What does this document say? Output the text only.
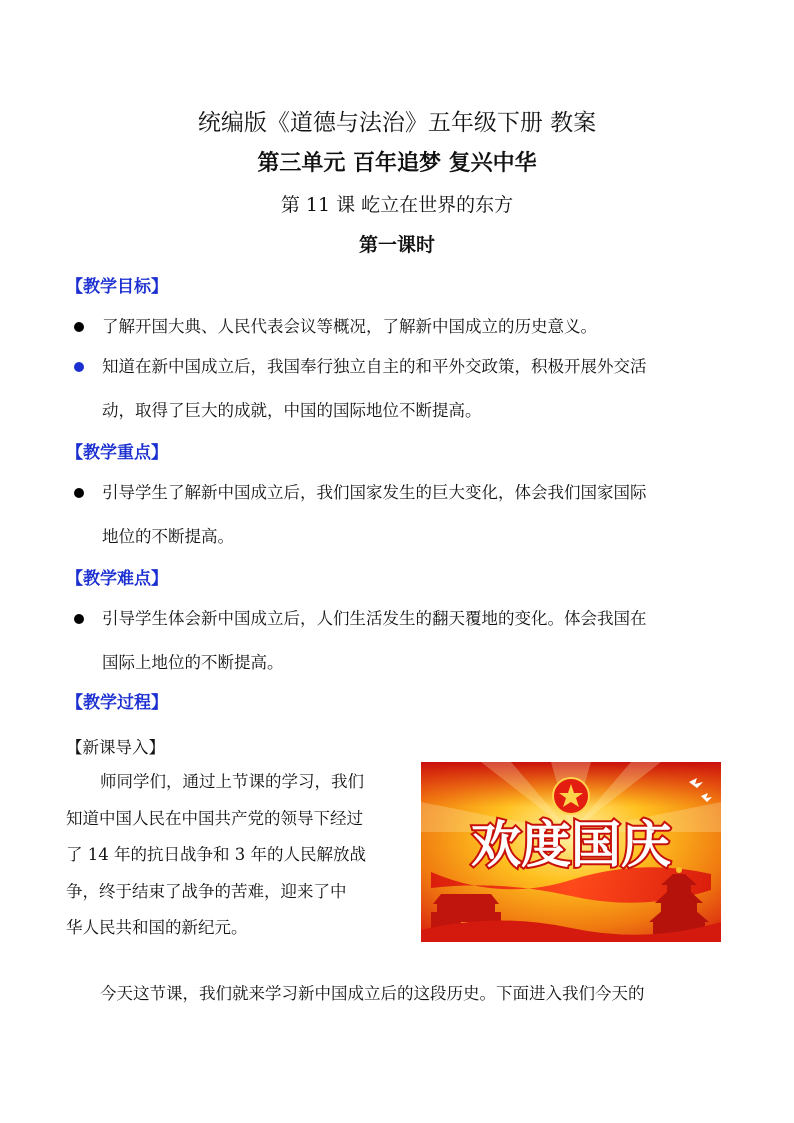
统编版《道德与法治》五年级下册 教案
第三单元 百年追梦 复兴中华
第 11 课 屹立在世界的东方
第一课时
【教学目标】
了解开国大典、人民代表会议等概况，了解新中国成立的历史意义。
知道在新中国成立后，我国奉行独立自主的和平外交政策，积极开展外交活
动，取得了巨大的成就，中国的国际地位不断提高。
【教学重点】
引导学生了解新中国成立后，我们国家发生的巨大变化，体会我们国家国际
地位的不断提高。
【教学难点】
引导学生体会新中国成立后，人们生活发生的翻天覆地的变化。体会我国在
国际上地位的不断提高。
【教学过程】
【新课导入】
师同学们，通过上节课的学习，我们
知道中国人民在中国共产党的领导下经过
了 14 年的抗日战争和 3 年的人民解放战
争，终于结束了战争的苦难，迎来了中
华人民共和国的新纪元。
今天这节课，我们就来学习新中国成立后的这段历史。下面进入我们今天的
欢度国庆
